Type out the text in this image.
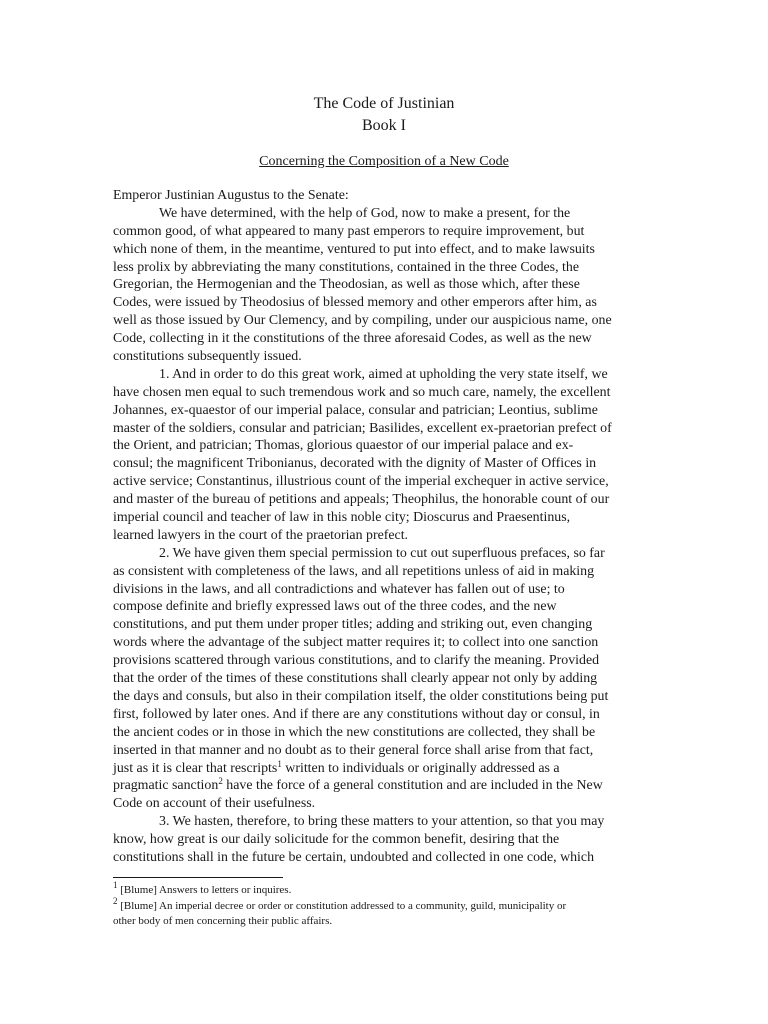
The Code of Justinian
Book I
Concerning the Composition of a New Code
Emperor Justinian Augustus to the Senate:
We have determined, with the help of God, now to make a present, for the
common good, of what appeared to many past emperors to require improvement, but
which none of them, in the meantime, ventured to put into effect, and to make lawsuits
less prolix by abbreviating the many constitutions, contained in the three Codes, the
Gregorian, the Hermogenian and the Theodosian, as well as those which, after these
Codes, were issued by Theodosius of blessed memory and other emperors after him, as
well as those issued by Our Clemency, and by compiling, under our auspicious name, one
Code, collecting in it the constitutions of the three aforesaid Codes, as well as the new
constitutions subsequently issued.
1. And in order to do this great work, aimed at upholding the very state itself, we
have chosen men equal to such tremendous work and so much care, namely, the excellent
Johannes, ex-quaestor of our imperial palace, consular and patrician; Leontius, sublime
master of the soldiers, consular and patrician; Basilides, excellent ex-praetorian prefect of
the Orient, and patrician; Thomas, glorious quaestor of our imperial palace and ex-
consul; the magnificent Tribonianus, decorated with the dignity of Master of Offices in
active service; Constantinus, illustrious count of the imperial exchequer in active service,
and master of the bureau of petitions and appeals; Theophilus, the honorable count of our
imperial council and teacher of law in this noble city; Dioscurus and Praesentinus,
learned lawyers in the court of the praetorian prefect.
2. We have given them special permission to cut out superfluous prefaces, so far
as consistent with completeness of the laws, and all repetitions unless of aid in making
divisions in the laws, and all contradictions and whatever has fallen out of use; to
compose definite and briefly expressed laws out of the three codes, and the new
constitutions, and put them under proper titles; adding and striking out, even changing
words where the advantage of the subject matter requires it; to collect into one sanction
provisions scattered through various constitutions, and to clarify the meaning. Provided
that the order of the times of these constitutions shall clearly appear not only by adding
the days and consuls, but also in their compilation itself, the older constitutions being put
first, followed by later ones. And if there are any constitutions without day or consul, in
the ancient codes or in those in which the new constitutions are collected, they shall be
inserted in that manner and no doubt as to their general force shall arise from that fact,
just as it is clear that rescripts$^1$ written to individuals or originally addressed as a
pragmatic sanction$^2$ have the force of a general constitution and are included in the New
Code on account of their usefulness.
3. We hasten, therefore, to bring these matters to your attention, so that you may
know, how great is our daily solicitude for the common benefit, desiring that the
constitutions shall in the future be certain, undoubted and collected in one code, which
$^1$ [Blume] Answers to letters or inquires.
$^2$ [Blume] An imperial decree or order or constitution addressed to a community, guild, municipality or
other body of men concerning their public affairs.
